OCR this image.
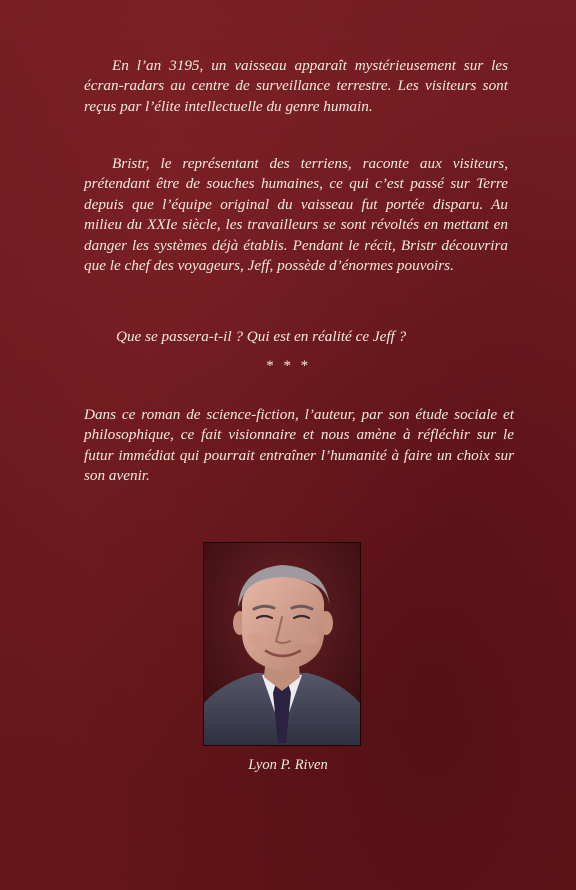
En l’an 3195, un vaisseau apparaît mystérieusement sur les écran-radars au centre de surveillance terrestre. Les visiteurs sont reçus par l’élite intellectuelle du genre humain.

Bristr, le représentant des terriens, raconte aux visiteurs, prétendant être de souches humaines, ce qui c’est passé sur Terre depuis que l’équipe original du vaisseau fut portée disparu. Au milieu du XXIe siècle, les travailleurs se sont révoltés en mettant en danger les systèmes déjà établis. Pendant le récit, Bristr découvrira que le chef des voyageurs, Jeff, possède d’énormes pouvoirs.

Que se passera-t-il ? Qui est en réalité ce Jeff ?

* * *

Dans ce roman de science-fiction, l’auteur, par son étude sociale et philosophique, ce fait visionnaire et nous amène à réfléchir sur le futur immédiat qui pourrait entraîner l’humanité à faire un choix sur son avenir.

Lyon P. Riven
